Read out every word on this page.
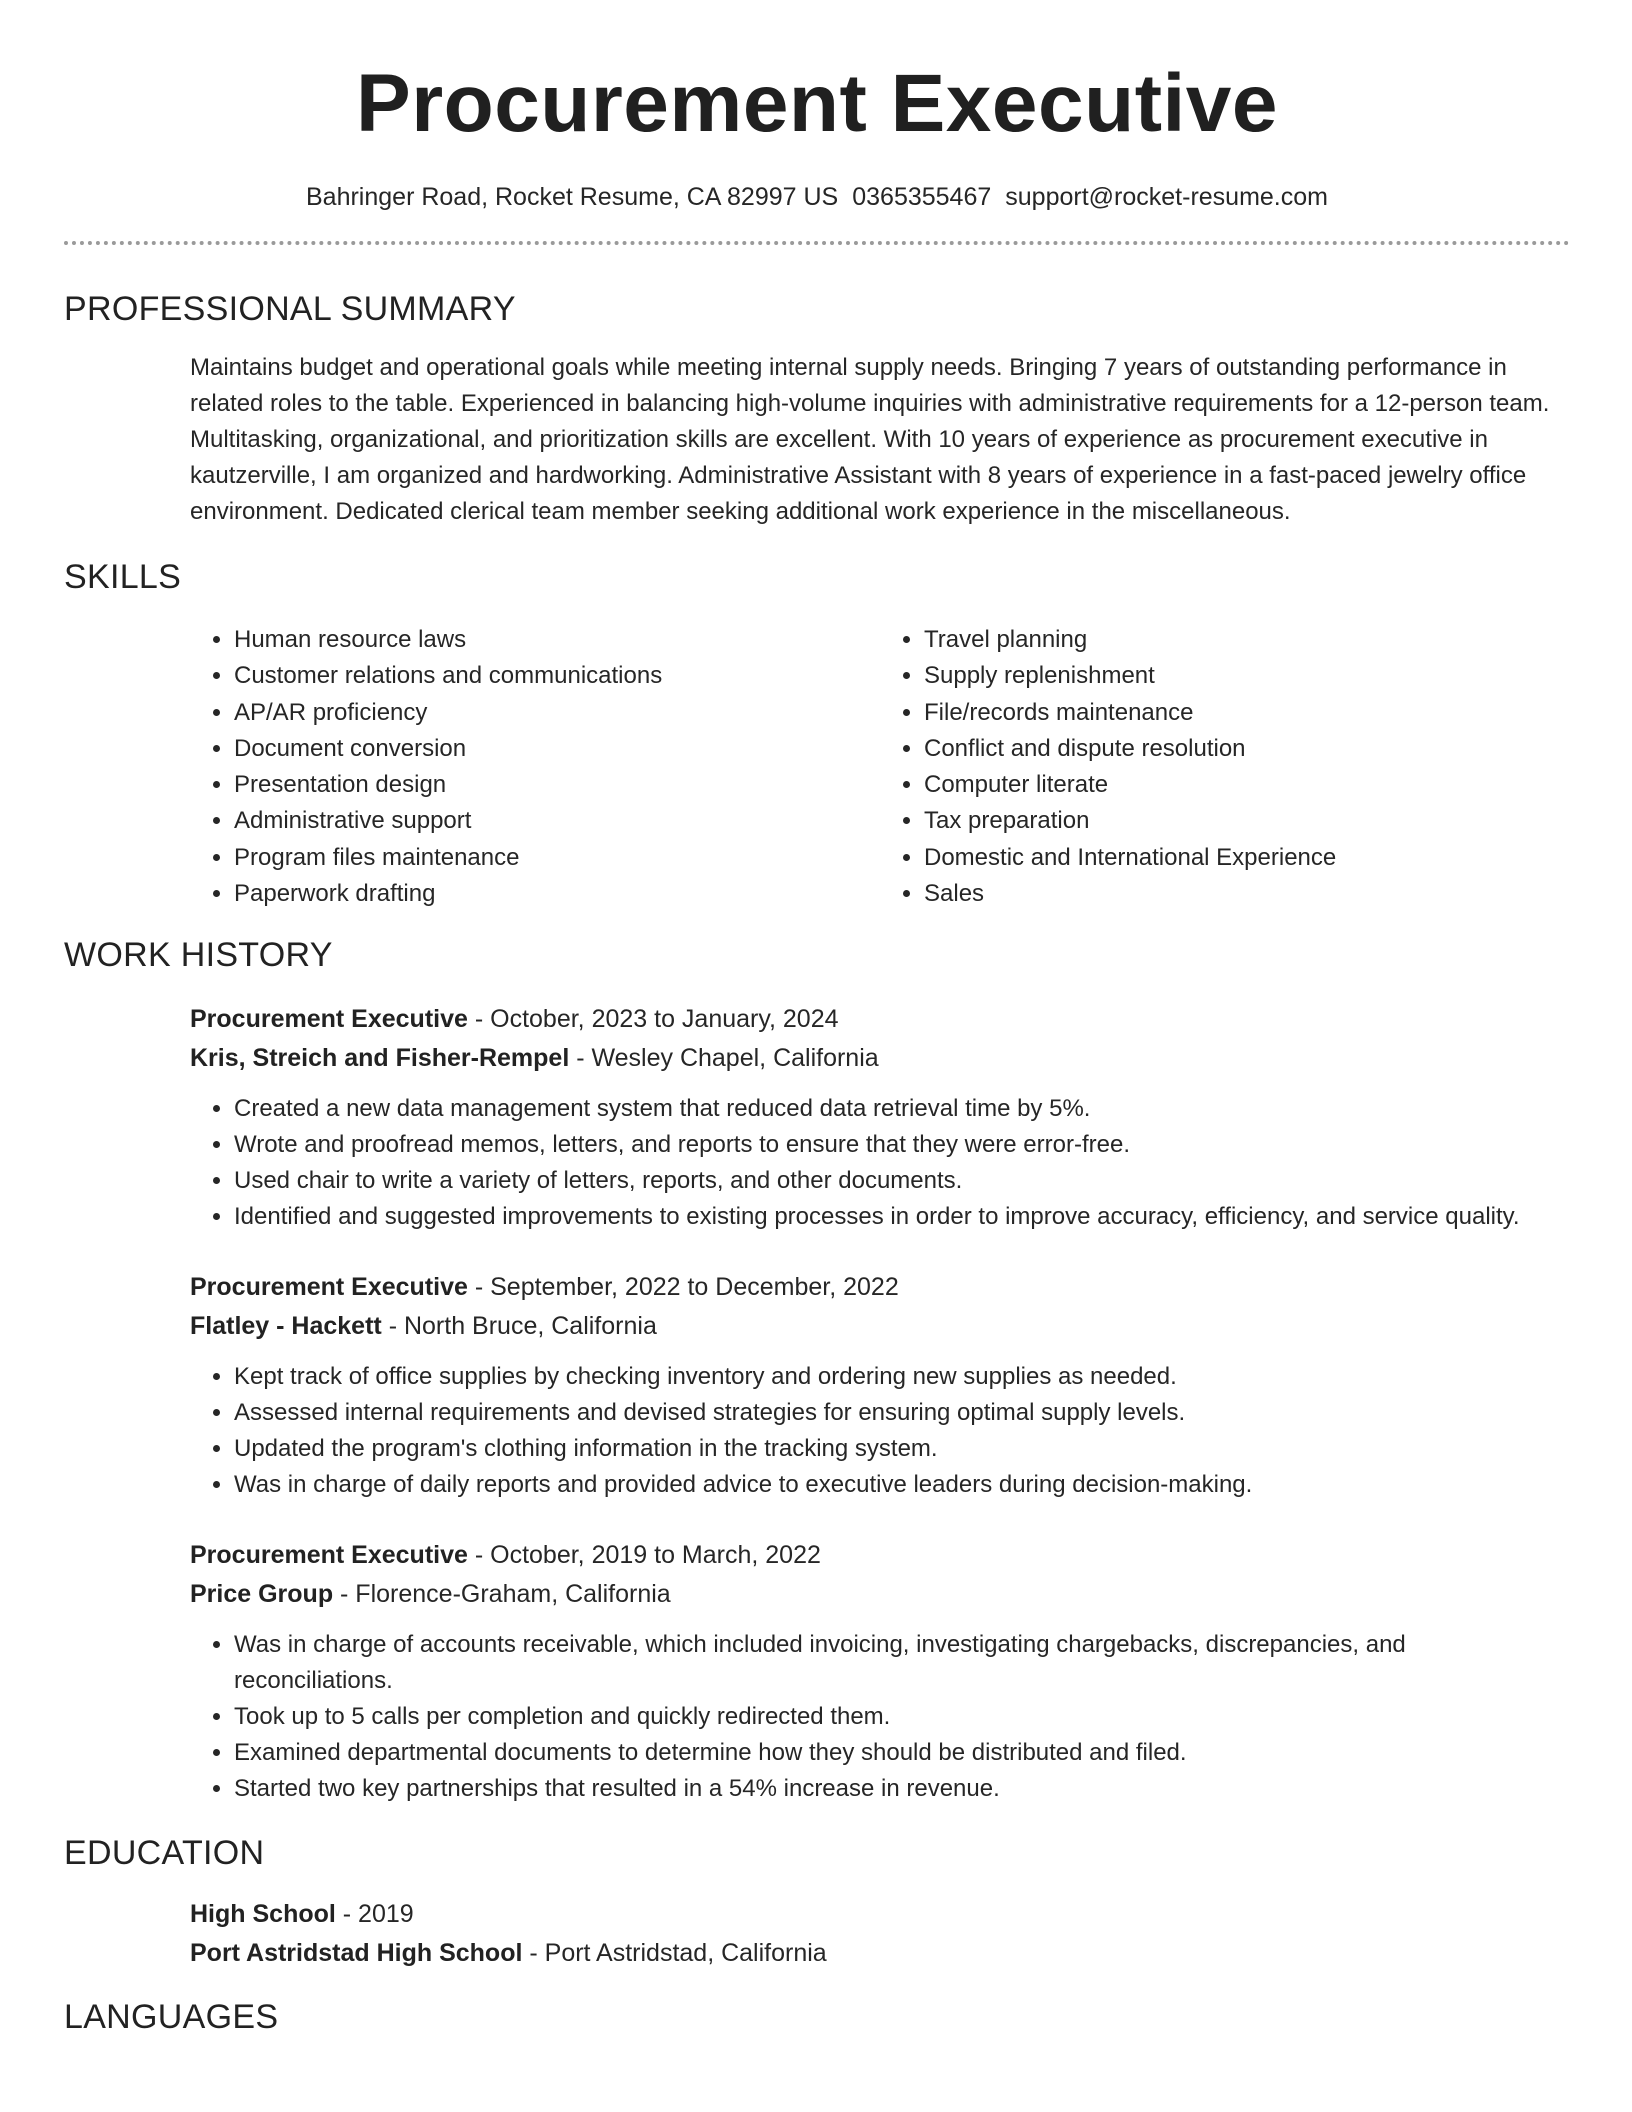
Procurement Executive
Bahringer Road, Rocket Resume, CA 82997 US 0365355467 support@rocket-resume.com
PROFESSIONAL SUMMARY
Maintains budget and operational goals while meeting internal supply needs. Bringing 7 years of outstanding performance in related roles to the table. Experienced in balancing high-volume inquiries with administrative requirements for a 12-person team. Multitasking, organizational, and prioritization skills are excellent. With 10 years of experience as procurement executive in kautzerville, I am organized and hardworking. Administrative Assistant with 8 years of experience in a fast-paced jewelry office environment. Dedicated clerical team member seeking additional work experience in the miscellaneous.
SKILLS
• Human resource laws
• Customer relations and communications
• AP/AR proficiency
• Document conversion
• Presentation design
• Administrative support
• Program files maintenance
• Paperwork drafting
• Travel planning
• Supply replenishment
• File/records maintenance
• Conflict and dispute resolution
• Computer literate
• Tax preparation
• Domestic and International Experience
• Sales
WORK HISTORY
Procurement Executive - October, 2023 to January, 2024
Kris, Streich and Fisher-Rempel - Wesley Chapel, California
• Created a new data management system that reduced data retrieval time by 5%.
• Wrote and proofread memos, letters, and reports to ensure that they were error-free.
• Used chair to write a variety of letters, reports, and other documents.
• Identified and suggested improvements to existing processes in order to improve accuracy, efficiency, and service quality.
Procurement Executive - September, 2022 to December, 2022
Flatley - Hackett - North Bruce, California
• Kept track of office supplies by checking inventory and ordering new supplies as needed.
• Assessed internal requirements and devised strategies for ensuring optimal supply levels.
• Updated the program's clothing information in the tracking system.
• Was in charge of daily reports and provided advice to executive leaders during decision-making.
Procurement Executive - October, 2019 to March, 2022
Price Group - Florence-Graham, California
• Was in charge of accounts receivable, which included invoicing, investigating chargebacks, discrepancies, and reconciliations.
• Took up to 5 calls per completion and quickly redirected them.
• Examined departmental documents to determine how they should be distributed and filed.
• Started two key partnerships that resulted in a 54% increase in revenue.
EDUCATION
High School - 2019
Port Astridstad High School - Port Astridstad, California
LANGUAGES
